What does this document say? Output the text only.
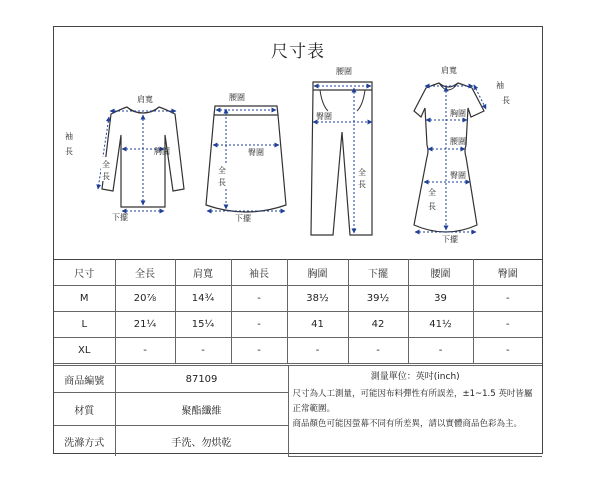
尺寸表
肩寬
胸圍
全
長
袖
長
下擺
腰圍
臀圍
全
長
下擺
腰圍
臀圍
全
長
肩寬
袖
長
胸圍
腰圍
臀圍
全
長
下擺
尺寸	全長	肩寬	袖長	胸圍	下擺	腰圍	臀圍
M	20⅞	14¾	-	38½	39½	39	-
L	21¼	15¼	-	41	42	41½	-
XL	-	-	-	-	-	-	-
商品編號	87109	測量單位：英吋(inch)

尺寸為人工測量，可能因布料彈性有所誤差，±1~1.5 英吋皆屬正常範圍。

商品顏色可能因螢幕不同有所差異，請以實體商品色彩為主。

材質	聚酯纖維	
洗滌方式	手洗、勿烘乾	
